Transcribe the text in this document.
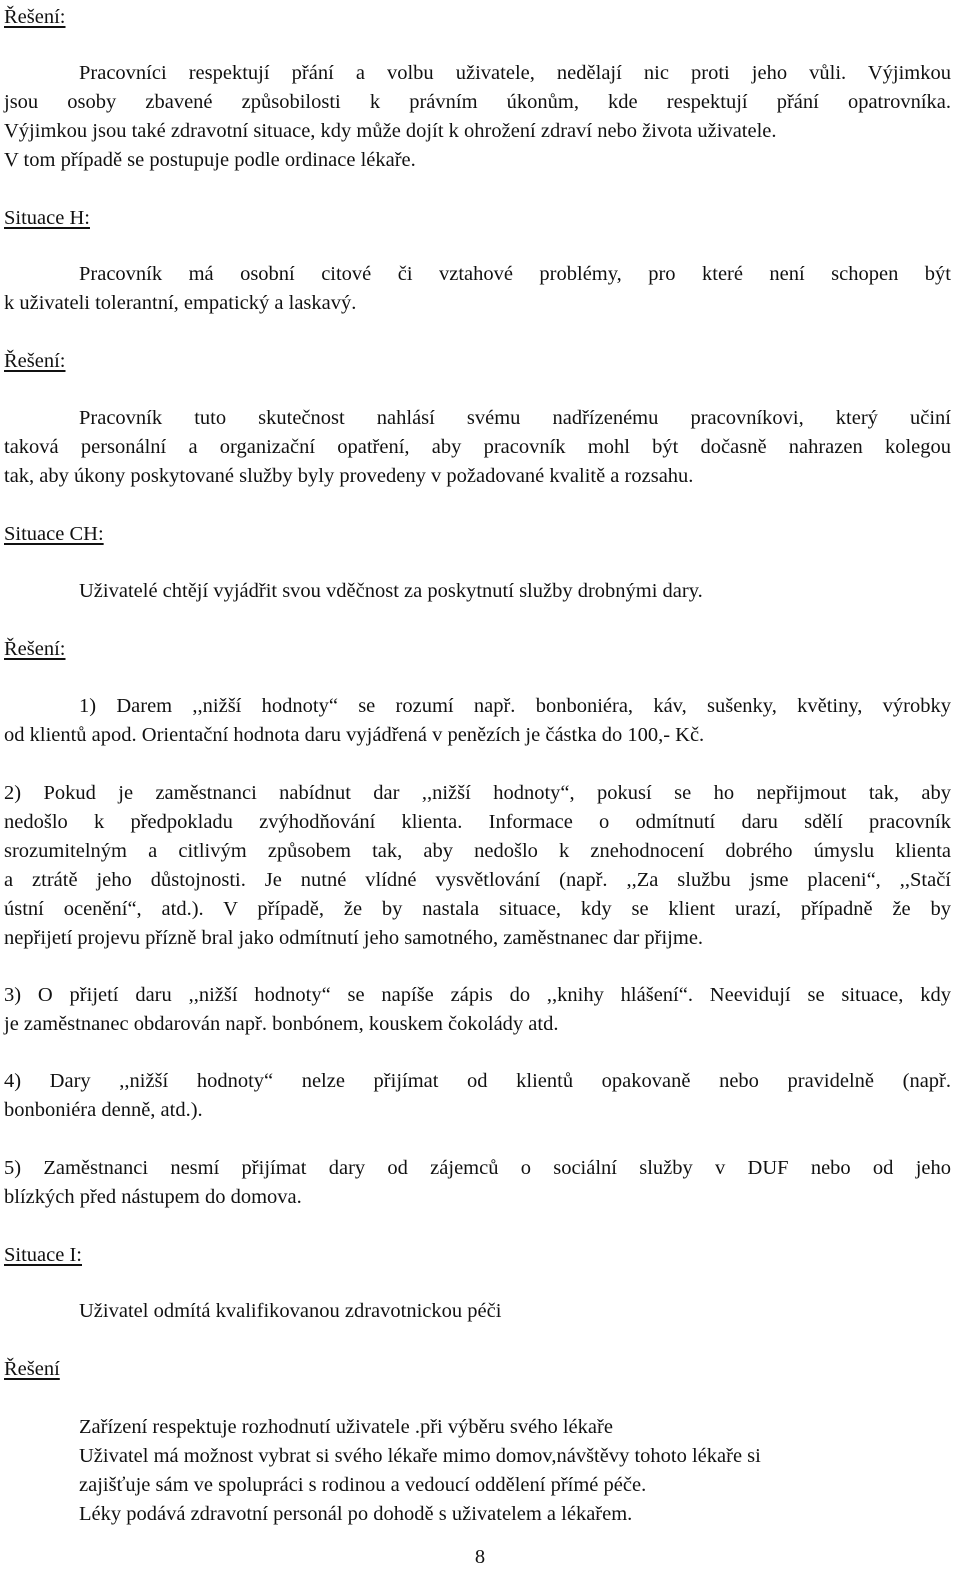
Řešení:

Pracovníci respektují přání a volbu uživatele, nedělají nic proti jeho vůli. Výjimkou

jsou osoby zbavené způsobilosti k právním úkonům, kde respektují přání opatrovníka.

Výjimkou jsou také zdravotní situace, kdy může dojít k ohrožení zdraví nebo života uživatele.

V tom případě se postupuje podle ordinace lékaře.

Situace H:

Pracovník má osobní citové či vztahové problémy, pro které není schopen být

k uživateli tolerantní, empatický a laskavý.

Řešení:

Pracovník tuto skutečnost nahlásí svému nadřízenému pracovníkovi, který učiní

taková personální a organizační opatření, aby pracovník mohl být dočasně nahrazen kolegou

tak, aby úkony poskytované služby byly provedeny v požadované kvalitě a rozsahu.

Situace CH:

Uživatelé chtějí vyjádřit svou vděčnost za poskytnutí služby drobnými dary.

Řešení:

1) Darem ,,nižší hodnoty“ se rozumí např. bonboniéra, káv, sušenky, květiny, výrobky

od klientů apod. Orientační hodnota daru vyjádřená v penězích je částka do 100,- Kč.

2) Pokud je zaměstnanci nabídnut dar ,,nižší hodnoty“, pokusí se ho nepřijmout tak, aby

nedošlo k předpokladu zvýhodňování klienta. Informace o odmítnutí daru sdělí pracovník

srozumitelným a citlivým způsobem tak, aby nedošlo k znehodnocení dobrého úmyslu klienta

a ztrátě jeho důstojnosti. Je nutné vlídné vysvětlování (např. ,,Za službu jsme placeni“, ,,Stačí

ústní ocenění“, atd.). V případě, že by nastala situace, kdy se klient urazí, případně že by

nepřijetí projevu přízně bral jako odmítnutí jeho samotného, zaměstnanec dar přijme.

3) O přijetí daru ,,nižší hodnoty“ se napíše zápis do ,,knihy hlášení“. Neevidují se situace, kdy

je zaměstnanec obdarován např. bonbónem, kouskem čokolády atd.

4) Dary ,,nižší hodnoty“ nelze přijímat od klientů opakovaně nebo pravidelně (např.

bonboniéra denně, atd.).

5) Zaměstnanci nesmí přijímat dary od zájemců o sociální služby v DUF nebo od jeho

blízkých před nástupem do domova.

Situace I:

Uživatel odmítá kvalifikovanou zdravotnickou péči

Řešení

Zařízení respektuje rozhodnutí uživatele .při výběru svého lékaře

Uživatel má možnost vybrat si svého lékaře mimo domov,návštěvy tohoto lékaře si

zajišťuje sám ve spolupráci s rodinou a vedoucí oddělení přímé péče.

Léky podává zdravotní personál po dohodě s uživatelem a lékařem.

8
